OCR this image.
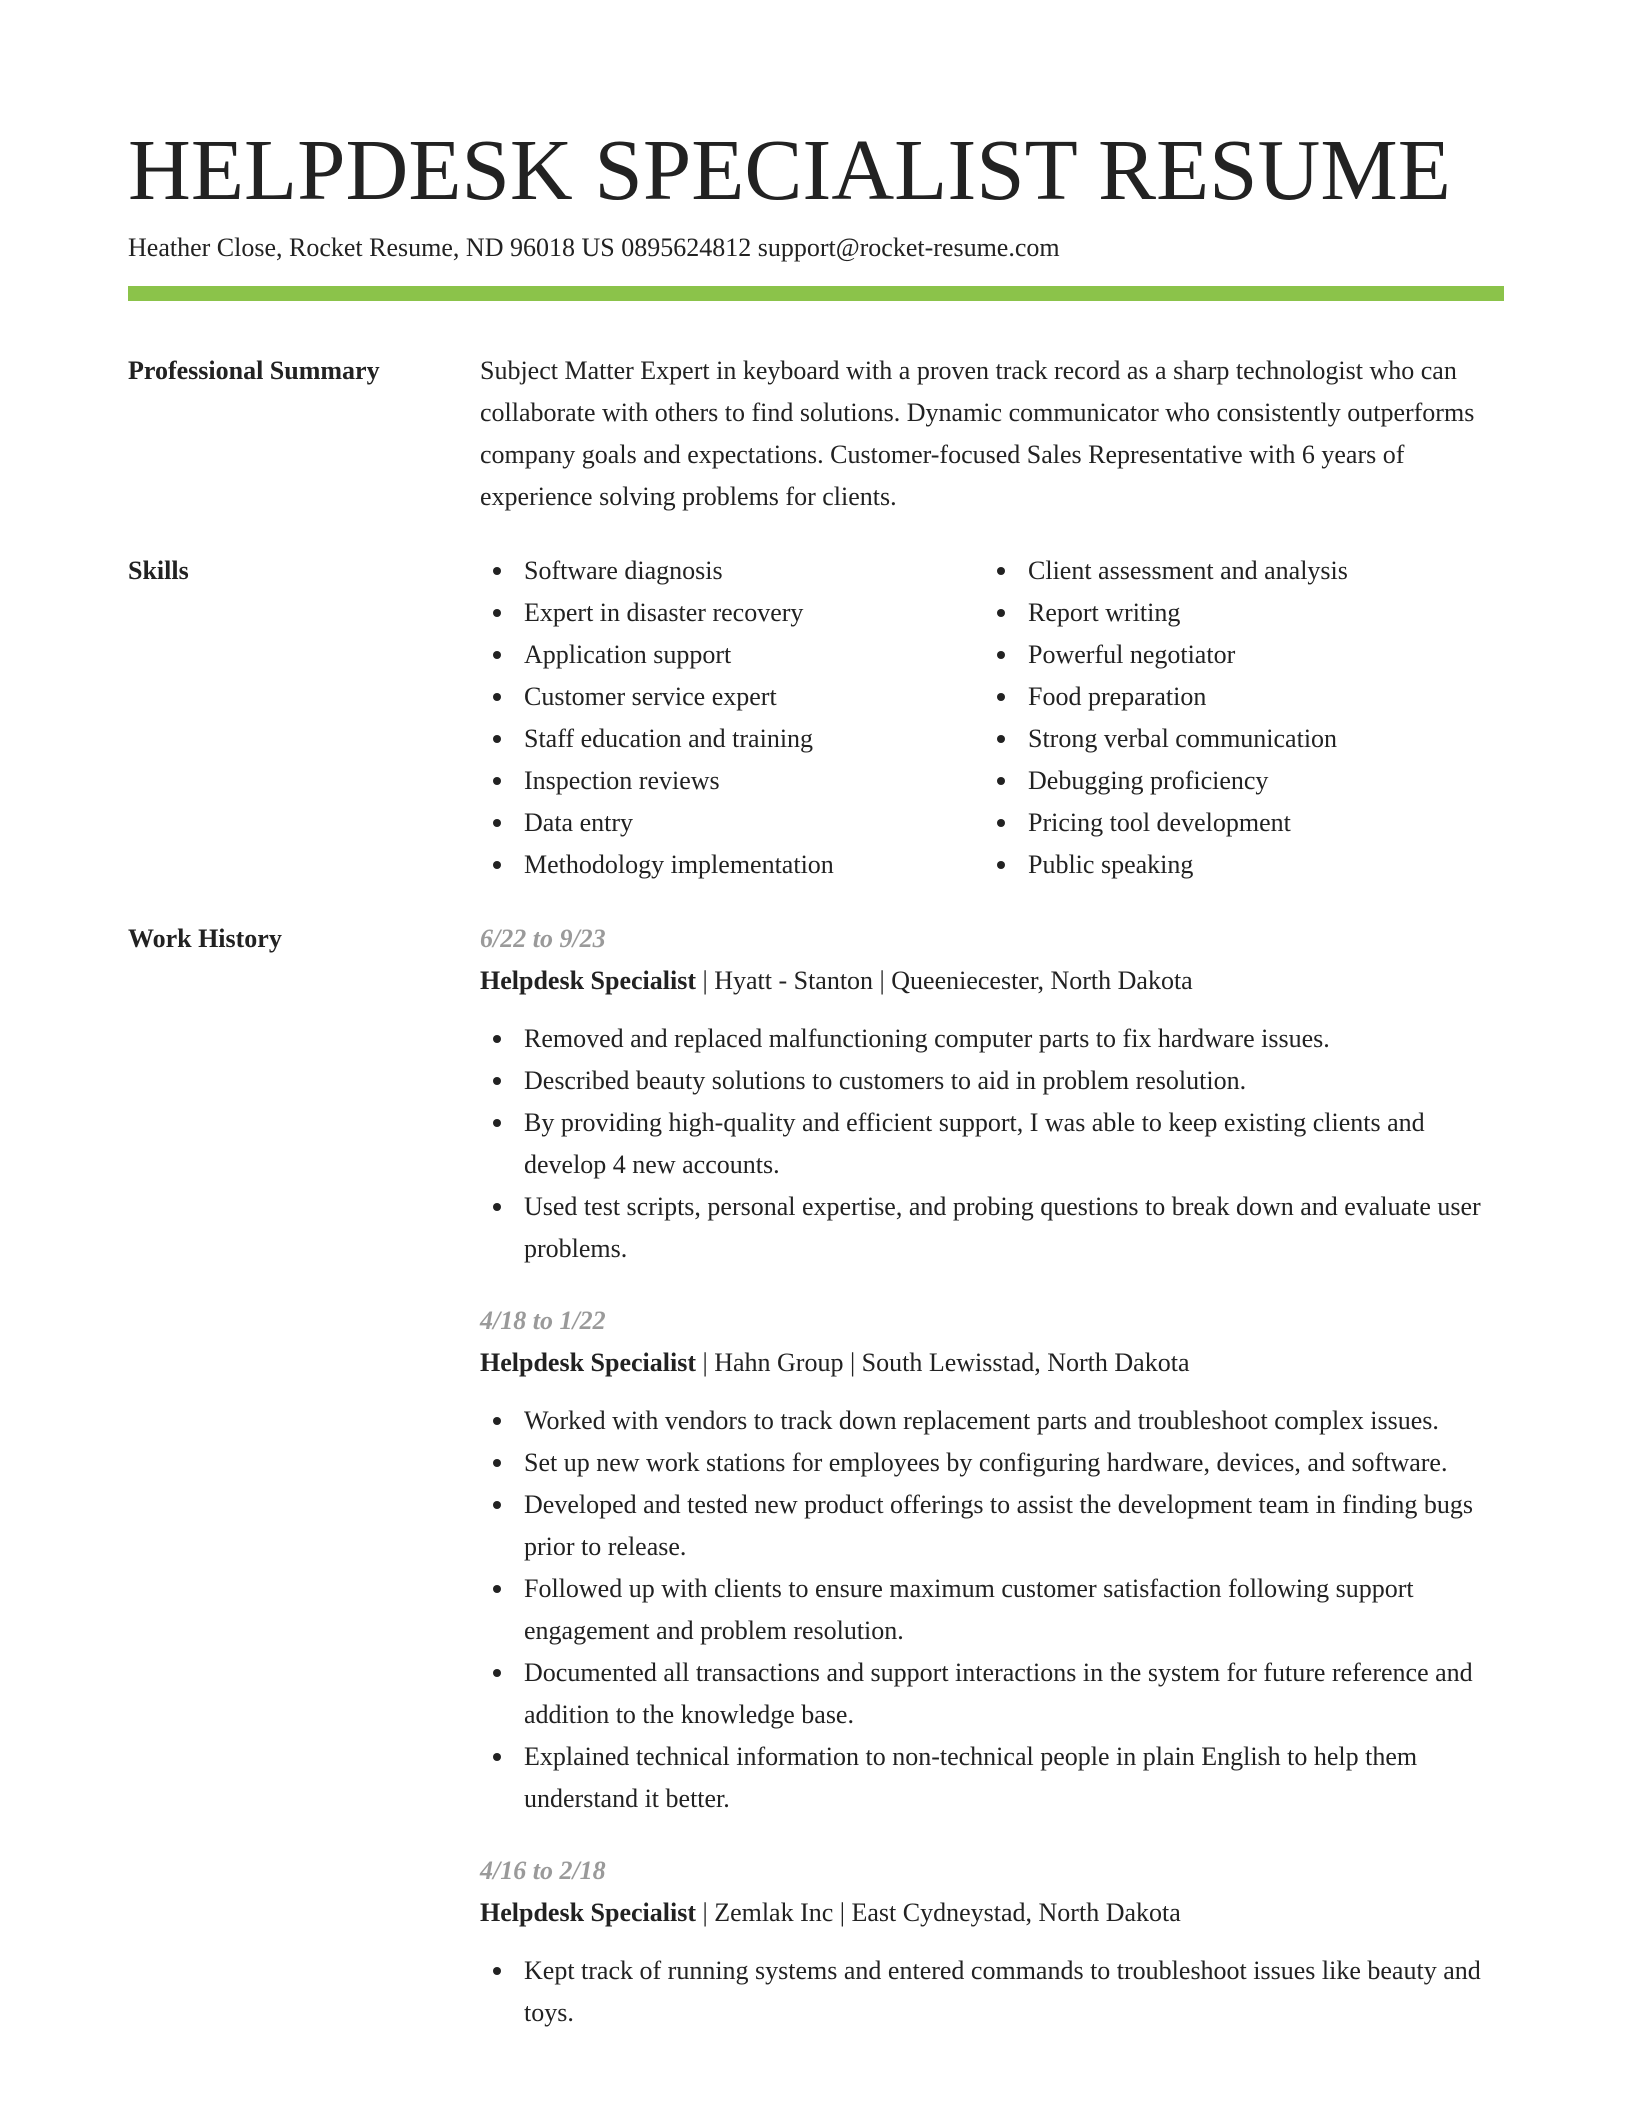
HELPDESK SPECIALIST RESUME
Heather Close, Rocket Resume, ND 96018 US 0895624812 support@rocket-resume.com
Professional Summary	Subject Matter Expert in keyboard with a proven track record as a sharp technologist who can collaborate with others to find solutions. Dynamic communicator who consistently outperforms company goals and expectations. Customer-focused Sales Representative with 6 years of experience solving problems for clients.

Skills	Software diagnosis
Expert in disaster recovery
Application support
Customer service expert
Staff education and training
Inspection reviews
Data entry
Methodology implementation
Client assessment and analysis
Report writing
Powerful negotiator
Food preparation
Strong verbal communication
Debugging proficiency
Pricing tool development
Public speaking
Work History	6/22 to 9/23
Helpdesk Specialist | Hyatt - Stanton | Queeniecester, North Dakota
Removed and replaced malfunctioning computer parts to fix hardware issues.
Described beauty solutions to customers to aid in problem resolution.
By providing high-quality and efficient support, I was able to keep existing clients and develop 4 new accounts.
Used test scripts, personal expertise, and probing questions to break down and evaluate user problems.
4/18 to 1/22
Helpdesk Specialist | Hahn Group | South Lewisstad, North Dakota
Worked with vendors to track down replacement parts and troubleshoot complex issues.
Set up new work stations for employees by configuring hardware, devices, and software.
Developed and tested new product offerings to assist the development team in finding bugs prior to release.
Followed up with clients to ensure maximum customer satisfaction following support engagement and problem resolution.
Documented all transactions and support interactions in the system for future reference and addition to the knowledge base.
Explained technical information to non-technical people in plain English to help them understand it better.
4/16 to 2/18
Helpdesk Specialist | Zemlak Inc | East Cydneystad, North Dakota
Kept track of running systems and entered commands to troubleshoot issues like beauty and toys.
